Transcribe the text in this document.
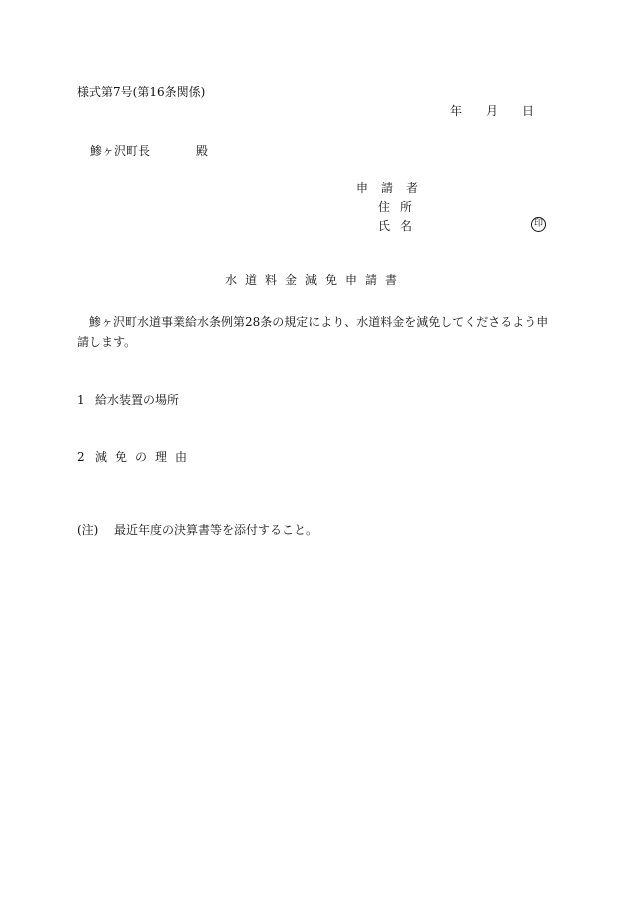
様式第7号(第16条関係)
年 月 日
鯵ヶ沢町長	殿
申請者
住所
氏名	印
水道料金減免申請書
鯵ヶ沢町水道事業給水条例第28条の規定により、水道料金を減免してくださるよう申請します。
1 給水装置の場所
2 減免の理由
(注) 最近年度の決算書等を添付すること。
